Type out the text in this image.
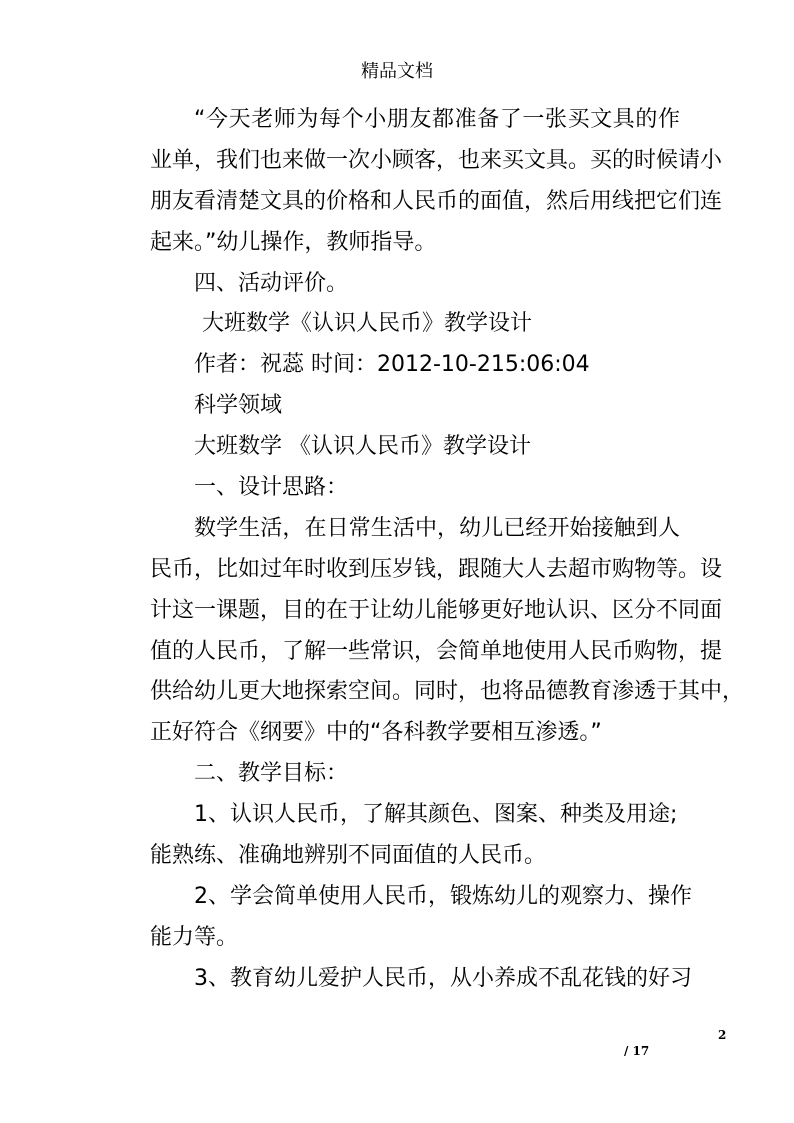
精品文档
“今天老师为每个小朋友都准备了一张买文具的作
业单，我们也来做一次小顾客，也来买文具。买的时候请小
朋友看清楚文具的价格和人民币的面值，然后用线把它们连
起来。”幼儿操作，教师指导。
四、活动评价。
大班数学《认识人民币》教学设计
作者：祝蕊 时间：2012-10-215:06:04
科学领域
大班数学 《认识人民币》教学设计
一、设计思路：
数学生活，在日常生活中，幼儿已经开始接触到人
民币，比如过年时收到压岁钱，跟随大人去超市购物等。设
计这一课题，目的在于让幼儿能够更好地认识、区分不同面
值的人民币，了解一些常识，会简单地使用人民币购物，提
供给幼儿更大地探索空间。同时，也将品德教育渗透于其中，
正好符合《纲要》中的“各科教学要相互渗透。”
二、教学目标：
1、认识人民币，了解其颜色、图案、种类及用途;
能熟练、准确地辨别不同面值的人民币。
2、学会简单使用人民币，锻炼幼儿的观察力、操作
能力等。
3、教育幼儿爱护人民币，从小养成不乱花钱的好习
2
/ 17
